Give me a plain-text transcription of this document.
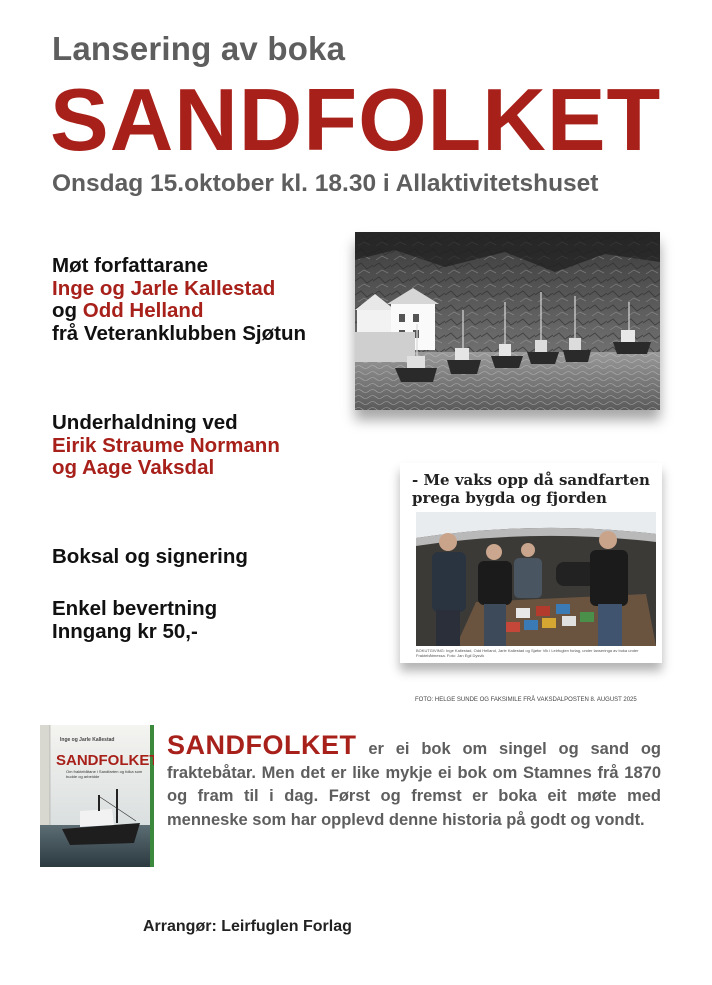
Lansering av boka
SANDFOLKET
Onsdag 15.oktober kl. 18.30 i Allaktivitetshuset
Møt forfattarane
Inge og Jarle Kallestad
og Odd Helland
frå Veteranklubben Sjøtun
Underhaldning ved
Eirik Straume Normann
og Aage Vaksdal
Boksal og signering
Enkel bevertning
Inngang kr 50,-
- Me vaks opp då sandfarten
prega bygda og fjorden
BOKUTGIVING: Inge Kallestad, Odd Helland, Jarle Kallestad og Sjøfor Vik i Leirfuglen forlag, under lanseringa av boka under Fraktebåtmessa. Foto: Jan Egil Dysvik
FOTO: HELGE SUNDE OG FAKSIMILE FRÅ VAKSDALPOSTEN 8. AUGUST 2025
Inge og Jarle Kallestad
SANDFOLKET
Om fraktebåtane i Sandfarten og folka som budde og arbeidde
SANDFOLKET er ei bok om singel og sand og fraktebåtar. Men det er like mykje ei bok om Stamnes frå 1870 og fram til i dag. Først og fremst er boka eit møte med menneske som har opplevd denne historia på godt og vondt.
Arrangør: Leirfuglen Forlag
